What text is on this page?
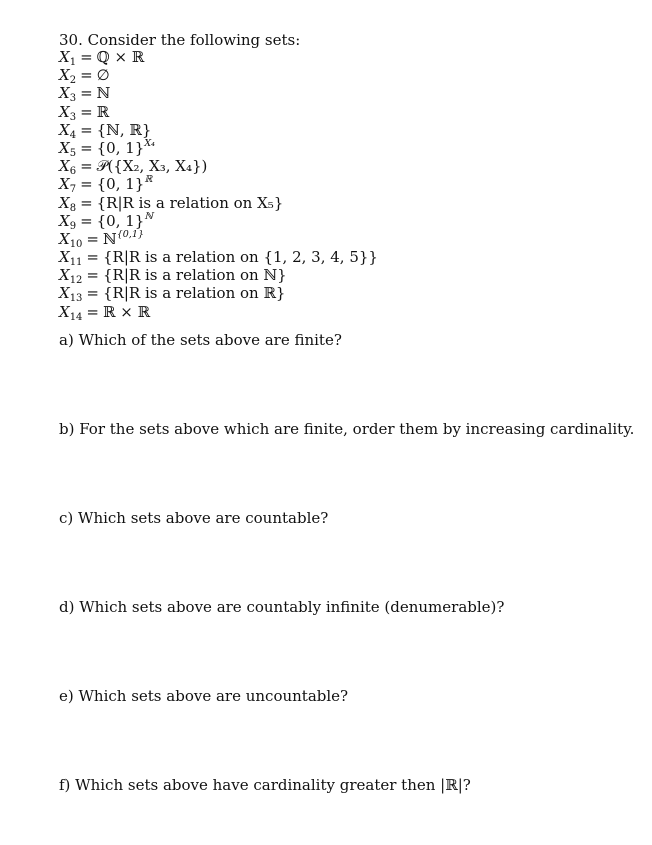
30. Consider the following sets:
$X_1$ = ℚ × ℝ
$X_2$ = ∅
$X_3$ = ℕ
$X_3$ = ℝ
$X_4$ = {ℕ, ℝ}
$X_5 = \{0$, 1}$^{X_4}$
$X_6$ = 𝒫({X₂, X₃, X₄})
$X_7 = \{0$, 1}$^ℝ$
$X_8 = \{R|R$ is a relation on X₅}
$X_9 = \{0$, 1}$^ℕ$
$X_{10}$ = ℕ$^{\{0,1\}}$
$X_{11} = \{R|R$ is a relation on {1, 2, 3, 4, 5}}
$X_{12} = \{R|R$ is a relation on ℕ}
$X_{13} = \{R|R$ is a relation on ℝ}
$X_{14}$ = ℝ × ℝ
a) Which of the sets above are finite?
b) For the sets above which are finite, order them by increasing cardinality.
c) Which sets above are countable?
d) Which sets above are countably infinite (denumerable)?
e) Which sets above are uncountable?
f) Which sets above have cardinality greater then |ℝ|?
